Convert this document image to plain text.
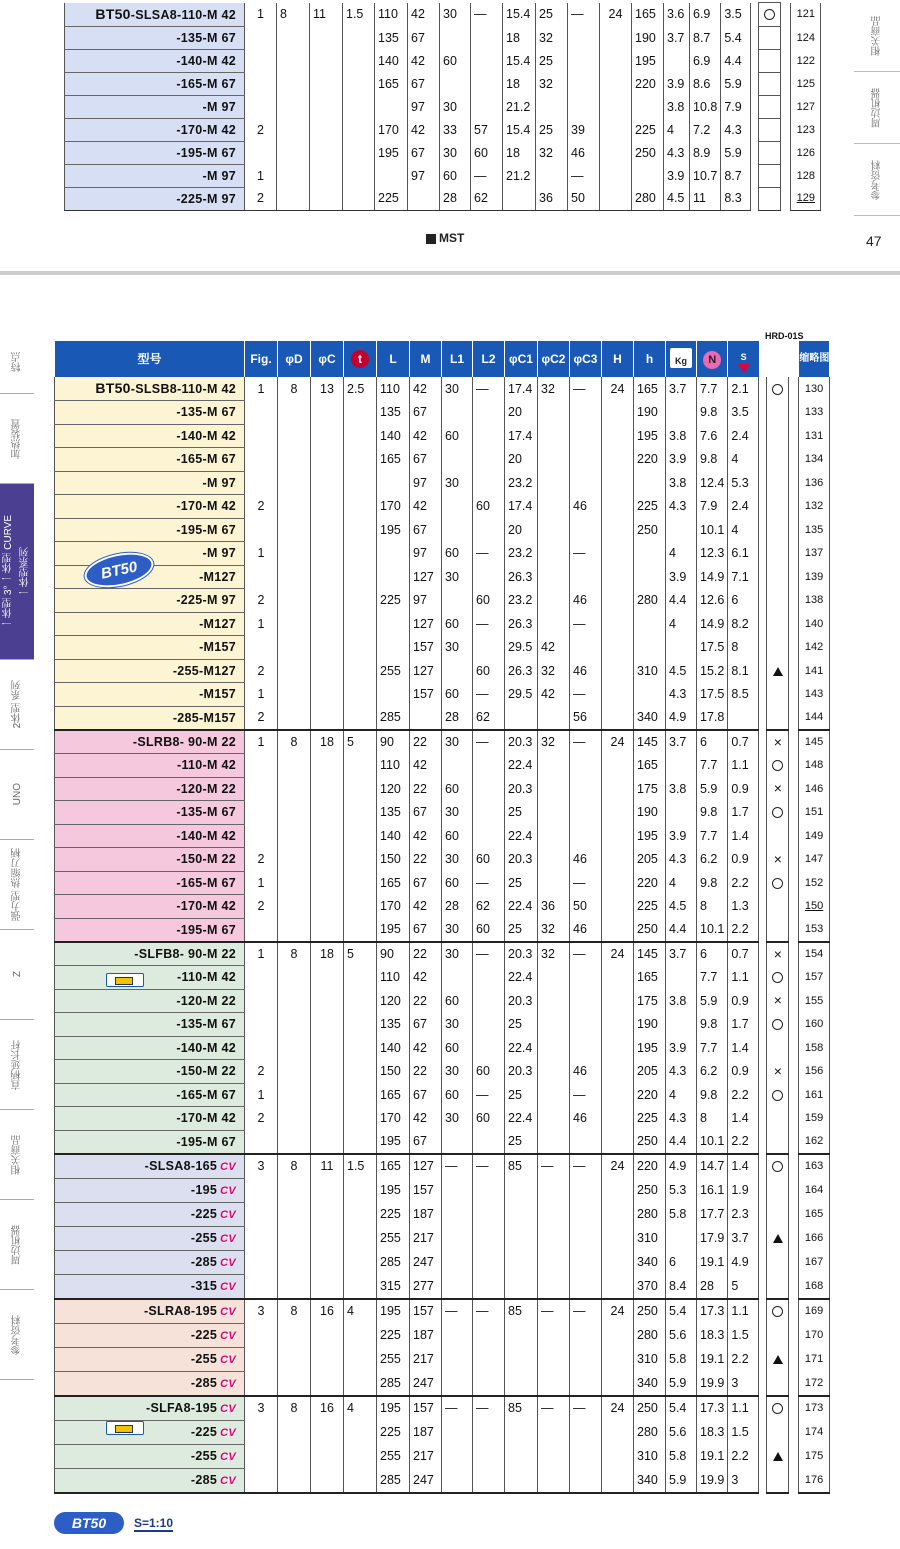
相关商品
周边机器
参考资料
BT50-SLSA8-110-M 42	1	8	11	1.5	110	42	30	—	15.4	25	—	24	165	3.6	6.9	3.5				121
-135-M 67					135	67			18	32			190	3.7	8.7	5.4				124
-140-M 42					140	42	60		15.4	25			195		6.9	4.4				122
-165-M 67					165	67			18	32			220	3.9	8.6	5.9				125
-M 97						97	30		21.2					3.8	10.8	7.9				127
-170-M 42	2				170	42	33	57	15.4	25	39		225	4	7.2	4.3				123
-195-M 67					195	67	30	60	18	32	46		250	4.3	8.9	5.9				126
-M 97	1					97	60	—	21.2		—			3.9	10.7	8.7				128
-225-M 97	2				225		28	62		36	50		280	4.5	11	8.3				129
MST	47
特点
加热装置
一体型 3° 一体型 CURVE 一体型系列
2体型 系列
UNO
强力型 热缩刀柄
Z
直柄延长杆
相关商品
周边机器
参考资料
HRD-01S
型号	Fig.	φD	φC	t	L	M	L1	L2	φC1	φC2	φC3	H	h	Kg	N	S				缩略图
BT50-SLSB8-110-M 42	1	8	13	2.5	110	42	30	—	17.4	32	—	24	165	3.7	7.7	2.1				130
-135-M 67					135	67			20				190		9.8	3.5				133
-140-M 42					140	42	60		17.4				195	3.8	7.6	2.4				131
-165-M 67					165	67			20				220	3.9	9.8	4				134
-M 97						97	30		23.2					3.8	12.4	5.3				136
-170-M 42	2				170	42		60	17.4		46		225	4.3	7.9	2.4				132
-195-M 67					195	67			20				250		10.1	4				135
-M 97	1					97	60	—	23.2		—			4	12.3	6.1				137
-M127						127	30		26.3					3.9	14.9	7.1				139
-225-M 97	2				225	97		60	23.2		46		280	4.4	12.6	6				138
-M127	1					127	60	—	26.3		—			4	14.9	8.2				140
-M157						157	30		29.5	42					17.5	8				142
-255-M127	2				255	127		60	26.3	32	46		310	4.5	15.2	8.1				141
-M157	1					157	60	—	29.5	42	—			4.3	17.5	8.5				143
-285-M157	2				285		28	62			56		340	4.9	17.8					144
-SLRB8- 90-M 22	1	8	18	5	90	22	30	—	20.3	32	—	24	145	3.7	6	0.7		×		145
-110-M 42					110	42			22.4				165		7.7	1.1				148
-120-M 22					120	22	60		20.3				175	3.8	5.9	0.9		×		146
-135-M 67					135	67	30		25				190		9.8	1.7				151
-140-M 42					140	42	60		22.4				195	3.9	7.7	1.4				149
-150-M 22	2				150	22	30	60	20.3		46		205	4.3	6.2	0.9		×		147
-165-M 67	1				165	67	60	—	25		—		220	4	9.8	2.2				152
-170-M 42	2				170	42	28	62	22.4	36	50		225	4.5	8	1.3				150
-195-M 67					195	67	30	60	25	32	46		250	4.4	10.1	2.2				153
-SLFB8- 90-M 22	1	8	18	5	90	22	30	—	20.3	32	—	24	145	3.7	6	0.7		×		154
-110-M 42					110	42			22.4				165		7.7	1.1				157
-120-M 22					120	22	60		20.3				175	3.8	5.9	0.9		×		155
-135-M 67					135	67	30		25				190		9.8	1.7				160
-140-M 42					140	42	60		22.4				195	3.9	7.7	1.4				158
-150-M 22	2				150	22	30	60	20.3		46		205	4.3	6.2	0.9		×		156
-165-M 67	1				165	67	60	—	25		—		220	4	9.8	2.2				161
-170-M 42	2				170	42	30	60	22.4		46		225	4.3	8	1.4				159
-195-M 67					195	67			25				250	4.4	10.1	2.2				162
-SLSA8-165 CV	3	8	11	1.5	165	127	—	—	85	—	—	24	220	4.9	14.7	1.4				163
-195 CV					195	157							250	5.3	16.1	1.9				164
-225 CV					225	187							280	5.8	17.7	2.3				165
-255 CV					255	217							310		17.9	3.7				166
-285 CV					285	247							340	6	19.1	4.9				167
-315 CV					315	277							370	8.4	28	5				168
-SLRA8-195 CV	3	8	16	4	195	157	—	—	85	—	—	24	250	5.4	17.3	1.1				169
-225 CV					225	187							280	5.6	18.3	1.5				170
-255 CV					255	217							310	5.8	19.1	2.2				171
-285 CV					285	247							340	5.9	19.9	3				172
-SLFA8-195 CV	3	8	16	4	195	157	—	—	85	—	—	24	250	5.4	17.3	1.1				173
-225 CV					225	187							280	5.6	18.3	1.5				174
-255 CV					255	217							310	5.8	19.1	2.2				175
-285 CV					285	247							340	5.9	19.9	3				176
BT50
BT50	S=1:10
